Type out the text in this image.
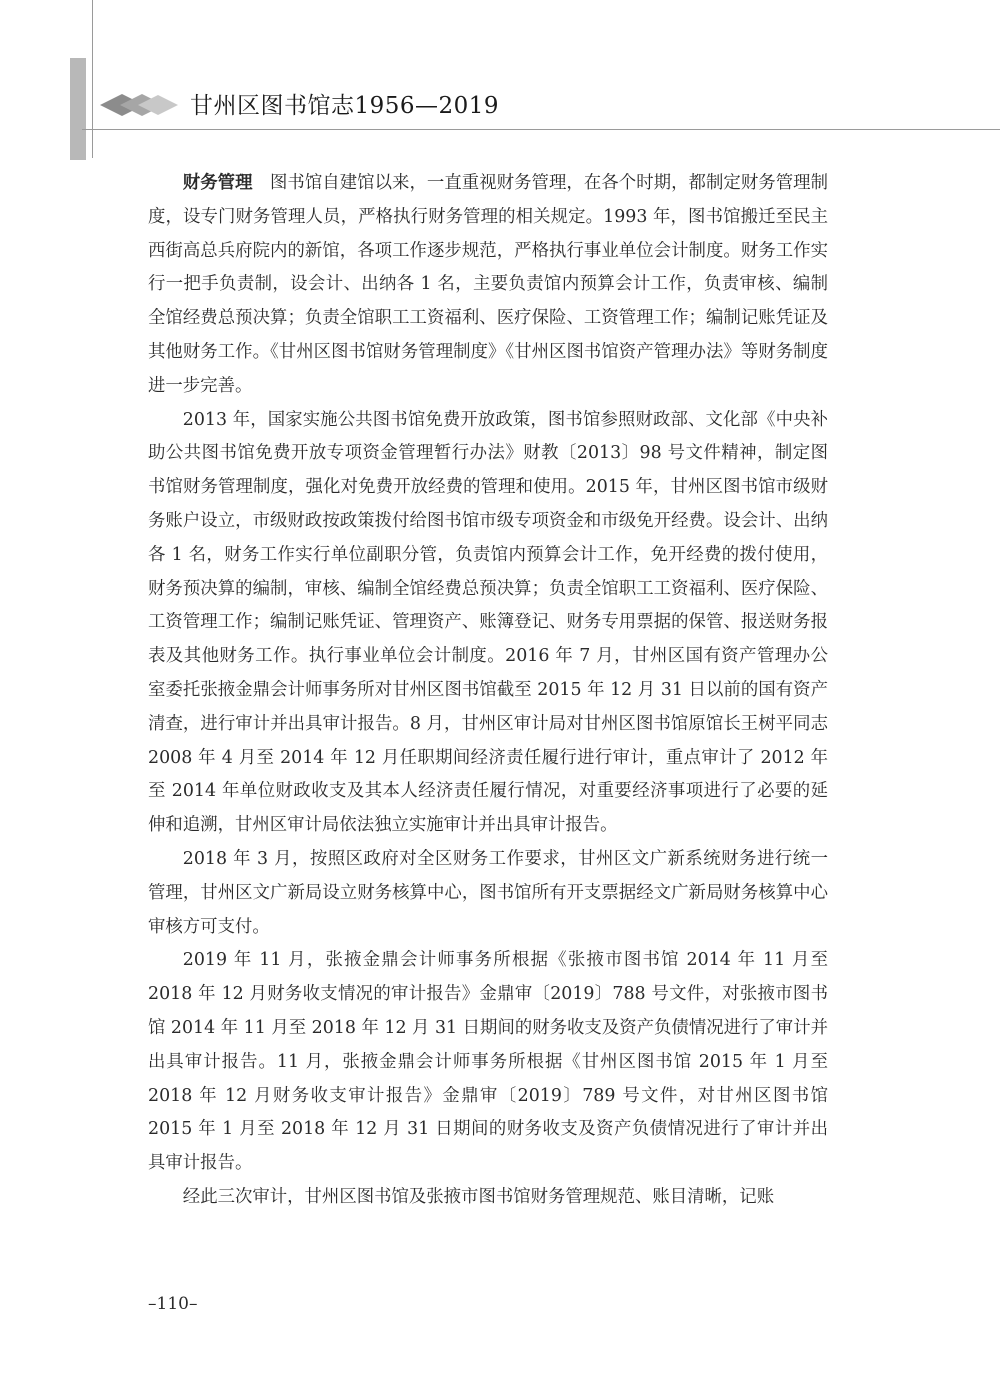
甘州区图书馆志1956—2019

财务管理 图书馆自建馆以来，一直重视财务管理，在各个时期，都制定财务管理制度，设专门财务管理人员，严格执行财务管理的相关规定。1993 年，图书馆搬迁至民主西街高总兵府院内的新馆，各项工作逐步规范，严格执行事业单位会计制度。财务工作实行一把手负责制，设会计、出纳各 1 名，主要负责馆内预算会计工作，负责审核、编制全馆经费总预决算；负责全馆职工工资福利、医疗保险、工资管理工作；编制记账凭证及其他财务工作。《甘州区图书馆财务管理制度》《甘州区图书馆资产管理办法》等财务制度进一步完善。

2013 年，国家实施公共图书馆免费开放政策，图书馆参照财政部、文化部《中央补助公共图书馆免费开放专项资金管理暂行办法》财教〔2013〕98 号文件精神，制定图书馆财务管理制度，强化对免费开放经费的管理和使用。2015 年，甘州区图书馆市级财务账户设立，市级财政按政策拨付给图书馆市级专项资金和市级免开经费。设会计、出纳各 1 名，财务工作实行单位副职分管，负责馆内预算会计工作，免开经费的拨付使用，财务预决算的编制，审核、编制全馆经费总预决算；负责全馆职工工资福利、医疗保险、工资管理工作；编制记账凭证、管理资产、账簿登记、财务专用票据的保管、报送财务报表及其他财务工作。执行事业单位会计制度。2016 年 7 月，甘州区国有资产管理办公室委托张掖金鼎会计师事务所对甘州区图书馆截至 2015 年 12 月 31 日以前的国有资产清查，进行审计并出具审计报告。8 月，甘州区审计局对甘州区图书馆原馆长王树平同志 2008 年 4 月至 2014 年 12 月任职期间经济责任履行进行审计，重点审计了 2012 年至 2014 年单位财政收支及其本人经济责任履行情况，对重要经济事项进行了必要的延伸和追溯，甘州区审计局依法独立实施审计并出具审计报告。

2018 年 3 月，按照区政府对全区财务工作要求，甘州区文广新系统财务进行统一管理，甘州区文广新局设立财务核算中心，图书馆所有开支票据经文广新局财务核算中心审核方可支付。

2019 年 11 月，张掖金鼎会计师事务所根据《张掖市图书馆 2014 年 11 月至 2018 年 12 月财务收支情况的审计报告》金鼎审〔2019〕788 号文件，对张掖市图书馆 2014 年 11 月至 2018 年 12 月 31 日期间的财务收支及资产负债情况进行了审计并出具审计报告。11 月，张掖金鼎会计师事务所根据《甘州区图书馆 2015 年 1 月至 2018 年 12 月财务收支审计报告》金鼎审〔2019〕789 号文件，对甘州区图书馆 2015 年 1 月至 2018 年 12 月 31 日期间的财务收支及资产负债情况进行了审计并出具审计报告。

经此三次审计，甘州区图书馆及张掖市图书馆财务管理规范、账目清晰，记账

–110–
